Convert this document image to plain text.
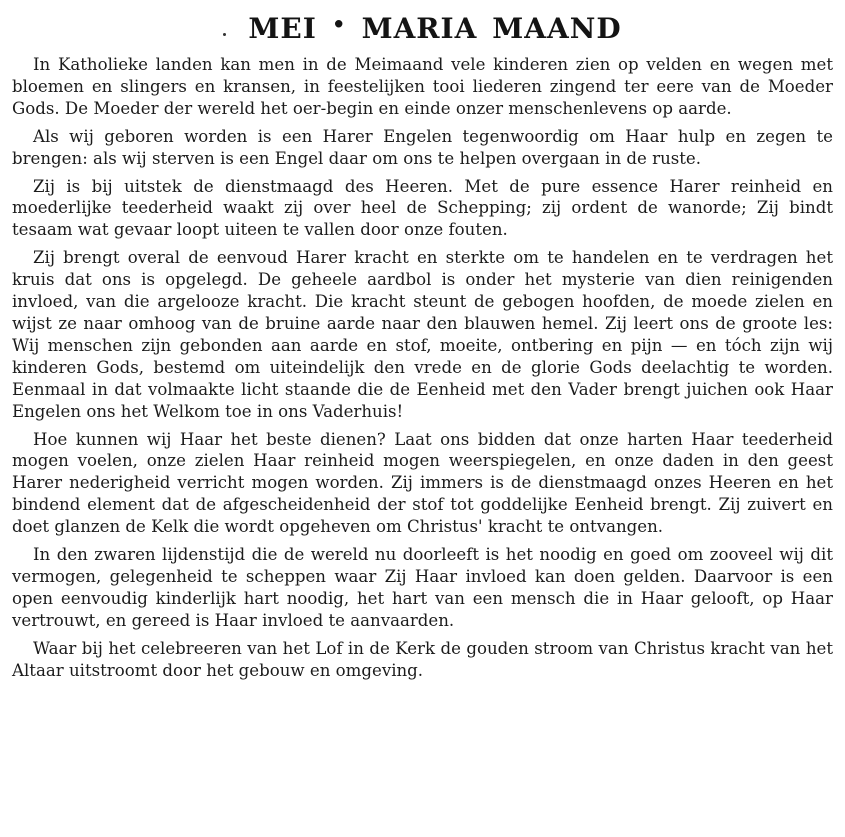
mei · maria maand

In Katholieke landen kan men in de Meimaand vele kinderen zien op velden en wegen met bloemen en slingers en kransen, in feestelijken tooi liederen zingend ter eere van de Moeder Gods. De Moeder der wereld het oer-begin en einde onzer menschenlevens op aarde.

Als wij geboren worden is een Harer Engelen tegenwoordig om Haar hulp en zegen te brengen: als wij sterven is een Engel daar om ons te helpen overgaan in de ruste.

Zij is bij uitstek de dienstmaagd des Heeren. Met de pure essence Harer reinheid en moederlijke teederheid waakt zij over heel de Schepping; zij ordent de wanorde; Zij bindt tesaam wat gevaar loopt uiteen te vallen door onze fouten.

Zij brengt overal de eenvoud Harer kracht en sterkte om te handelen en te verdragen het kruis dat ons is opgelegd. De geheele aardbol is onder het mysterie van dien reinigenden invloed, van die argelooze kracht. Die kracht steunt de gebogen hoofden, de moede zielen en wijst ze naar omhoog van de bruine aarde naar den blauwen hemel. Zij leert ons de groote les: Wij menschen zijn gebonden aan aarde en stof, moeite, ontbering en pijn — en tóch zijn wij kinderen Gods, bestemd om uiteindelijk den vrede en de glorie Gods deelachtig te worden. Eenmaal in dat volmaakte licht staande die de Eenheid met den Vader brengt juichen ook Haar Engelen ons het Welkom toe in ons Vaderhuis!

Hoe kunnen wij Haar het beste dienen? Laat ons bidden dat onze harten Haar teederheid mogen voelen, onze zielen Haar reinheid mogen weerspiegelen, en onze daden in den geest Harer nederigheid verricht mogen worden. Zij immers is de dienstmaagd onzes Heeren en het bindend element dat de afgescheidenheid der stof tot goddelijke Eenheid brengt. Zij zuivert en doet glanzen de Kelk die wordt opgeheven om Christus' kracht te ontvangen.

In den zwaren lijdenstijd die de wereld nu doorleeft is het noodig en goed om zooveel wij dit vermogen, gelegenheid te scheppen waar Zij Haar invloed kan doen gelden. Daarvoor is een open eenvoudig kinderlijk hart noodig, het hart van een mensch die in Haar gelooft, op Haar vertrouwt, en gereed is Haar invloed te aanvaarden.

Waar bij het celebreeren van het Lof in de Kerk de gouden stroom van Christus kracht van het Altaar uitstroomt door het gebouw en omgeving.
